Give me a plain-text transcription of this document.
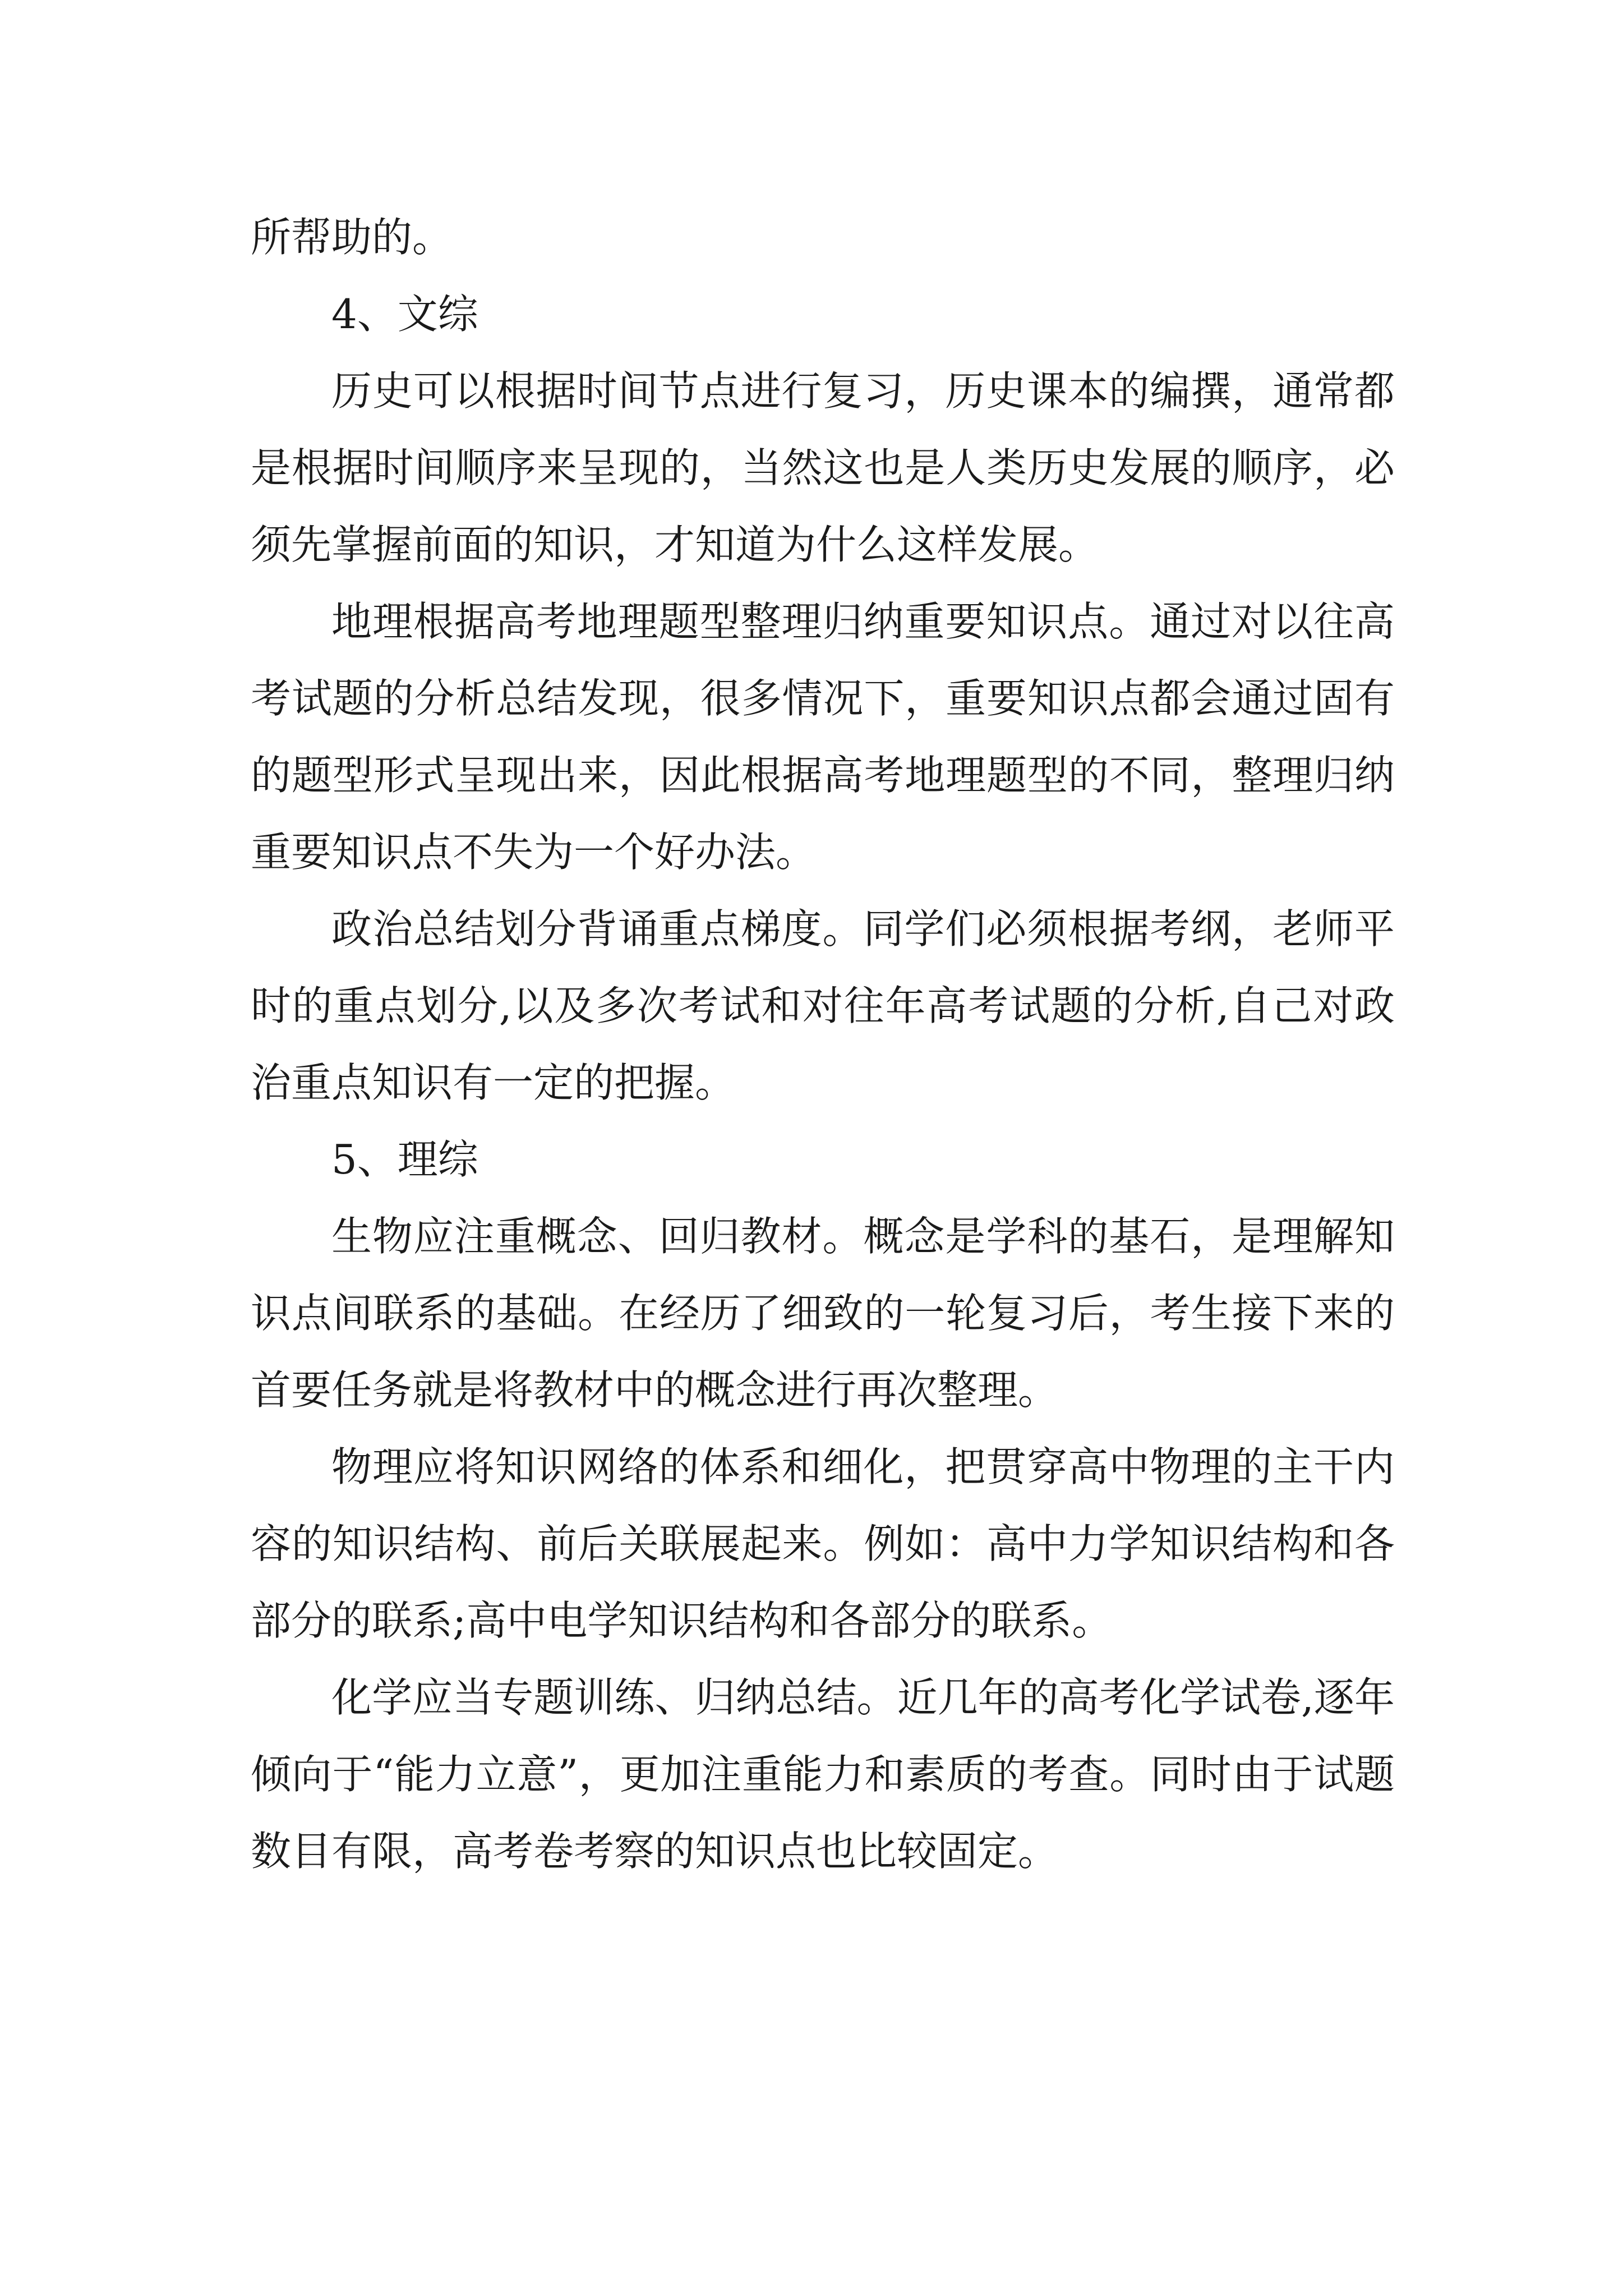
所帮助的。

4、文综

历史可以根据时间节点进行复习，历史课本的编撰，通常都是根据时间顺序来呈现的，当然这也是人类历史发展的顺序，必须先掌握前面的知识，才知道为什么这样发展。

地理根据高考地理题型整理归纳重要知识点。通过对以往高考试题的分析总结发现，很多情况下，重要知识点都会通过固有的题型形式呈现出来，因此根据高考地理题型的不同，整理归纳重要知识点不失为一个好办法。

政治总结划分背诵重点梯度。同学们必须根据考纲，老师平时的重点划分,以及多次考试和对往年高考试题的分析,自己对政治重点知识有一定的把握。

5、理综

生物应注重概念、回归教材。概念是学科的基石，是理解知识点间联系的基础。在经历了细致的一轮复习后，考生接下来的首要任务就是将教材中的概念进行再次整理。

物理应将知识网络的体系和细化，把贯穿高中物理的主干内容的知识结构、前后关联展起来。例如：高中力学知识结构和各部分的联系;高中电学知识结构和各部分的联系。

化学应当专题训练、归纳总结。近几年的高考化学试卷,逐年倾向于“能力立意”，更加注重能力和素质的考查。同时由于试题数目有限，高考卷考察的知识点也比较固定。
